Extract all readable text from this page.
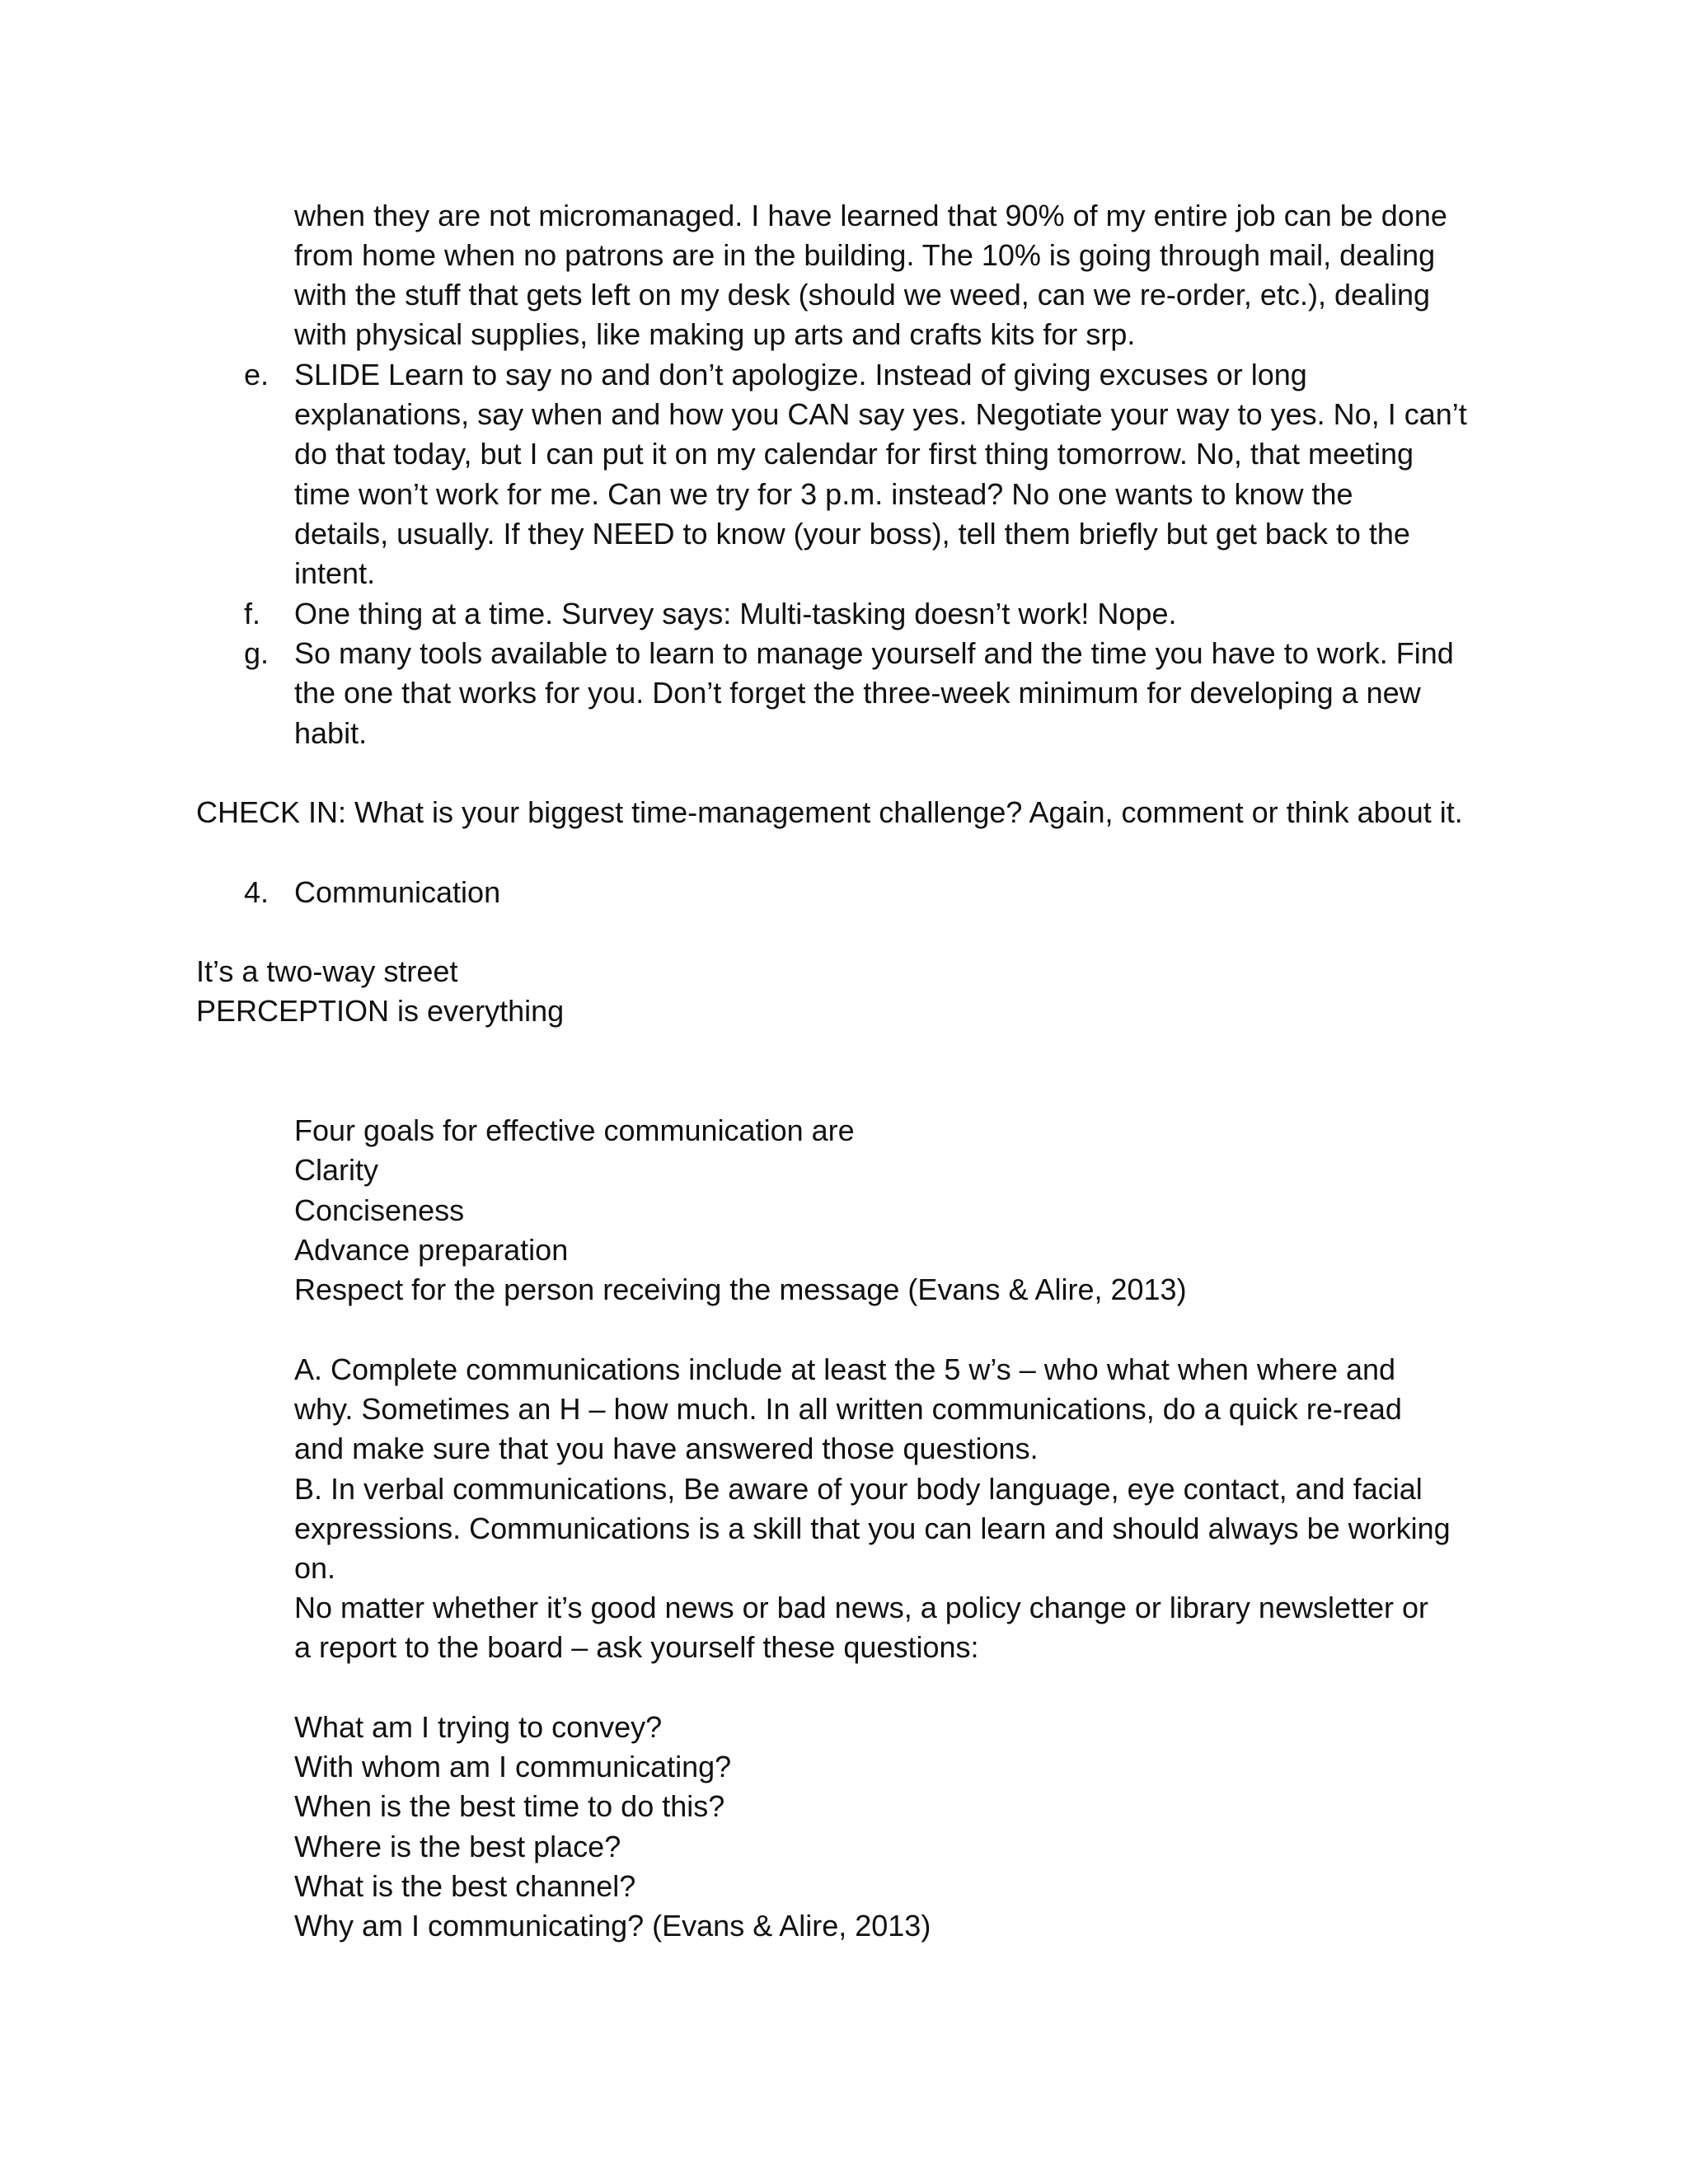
when they are not micromanaged. I have learned that 90% of my entire job can be done
from home when no patrons are in the building. The 10% is going through mail, dealing
with the stuff that gets left on my desk (should we weed, can we re-order, etc.), dealing
with physical supplies, like making up arts and crafts kits for srp.
e. SLIDE Learn to say no and don’t apologize. Instead of giving excuses or long
explanations, say when and how you CAN say yes. Negotiate your way to yes. No, I can’t
do that today, but I can put it on my calendar for first thing tomorrow. No, that meeting
time won’t work for me. Can we try for 3 p.m. instead? No one wants to know the
details, usually. If they NEED to know (your boss), tell them briefly but get back to the
intent.
f. One thing at a time. Survey says: Multi-tasking doesn’t work! Nope.
g. So many tools available to learn to manage yourself and the time you have to work. Find
the one that works for you. Don’t forget the three-week minimum for developing a new
habit.
CHECK IN: What is your biggest time-management challenge? Again, comment or think about it.
4. Communication
It’s a two-way street
PERCEPTION is everything
Four goals for effective communication are
Clarity
Conciseness
Advance preparation
Respect for the person receiving the message (Evans & Alire, 2013)
A. Complete communications include at least the 5 w’s – who what when where and
why. Sometimes an H – how much. In all written communications, do a quick re-read
and make sure that you have answered those questions.
B. In verbal communications, Be aware of your body language, eye contact, and facial
expressions. Communications is a skill that you can learn and should always be working
on.
No matter whether it’s good news or bad news, a policy change or library newsletter or
a report to the board – ask yourself these questions:
What am I trying to convey?
With whom am I communicating?
When is the best time to do this?
Where is the best place?
What is the best channel?
Why am I communicating? (Evans & Alire, 2013)
